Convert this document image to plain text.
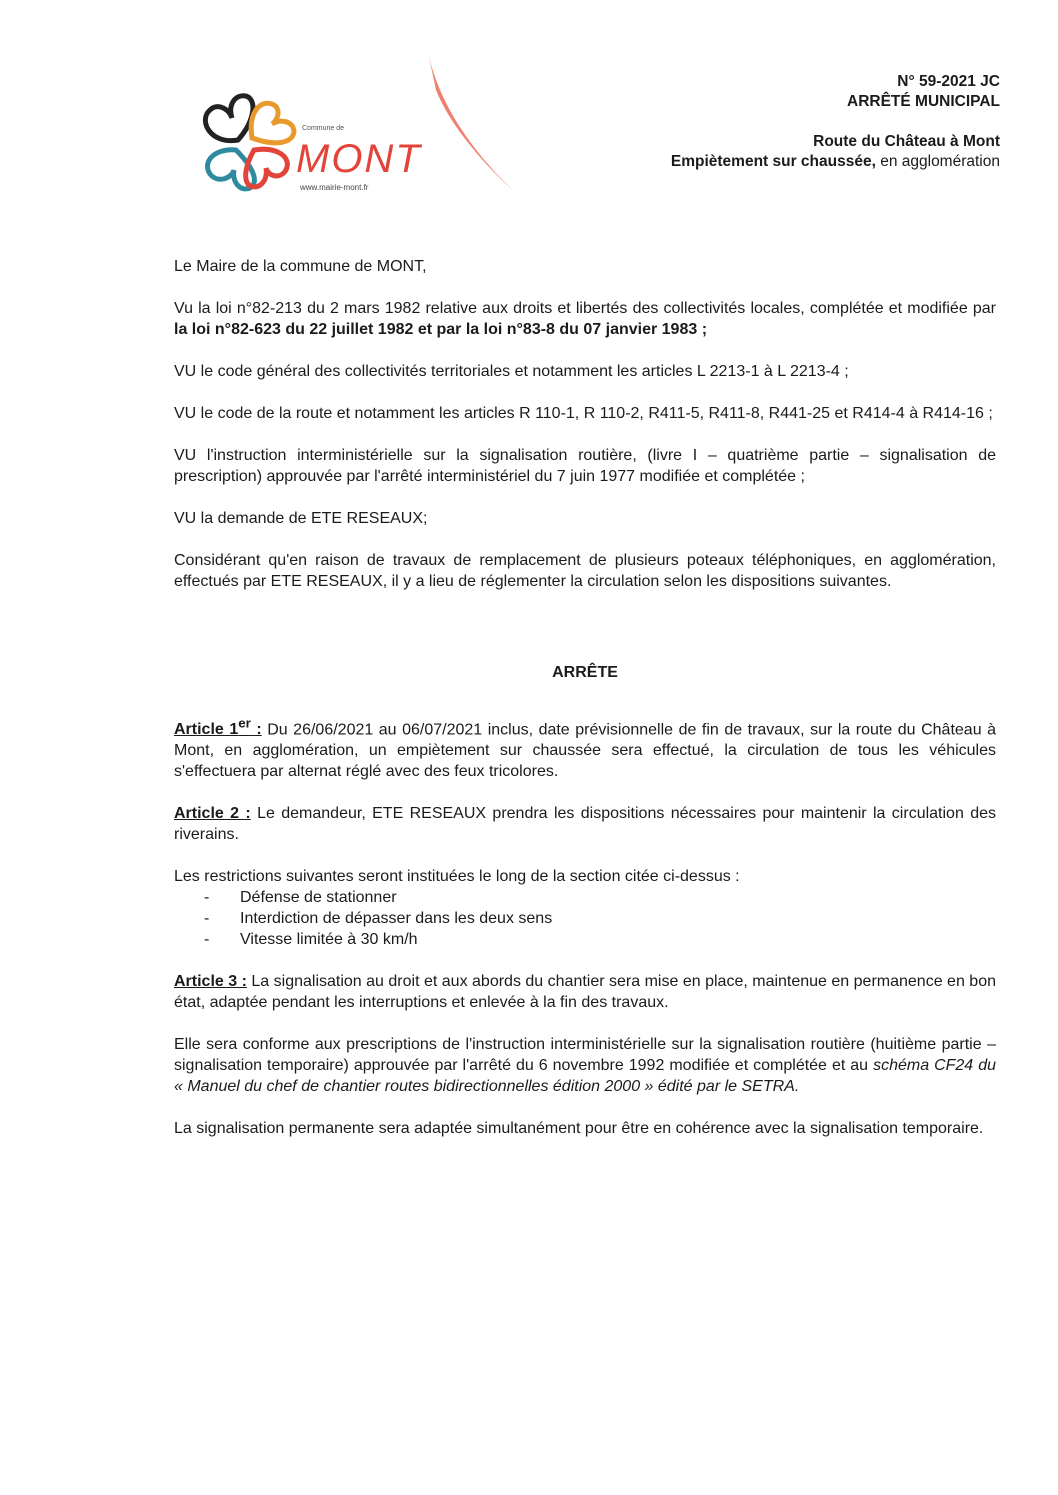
Commune de
MONT
www.mairie-mont.fr
N° 59-2021 JC
ARRÊTÉ MUNICIPAL
Route du Château à Mont
Empiètement sur chaussée, en agglomération

Le Maire de la commune de MONT,

Vu la loi n°82-213 du 2 mars 1982 relative aux droits et libertés des collectivités locales, complétée et modifiée par la loi n°82-623 du 22 juillet 1982 et par la loi n°83-8 du 07 janvier 1983 ;

VU le code général des collectivités territoriales et notamment les articles L 2213-1 à L 2213-4 ;

VU le code de la route et notamment les articles R 110-1, R 110-2, R411-5, R411-8, R441-25 et R414-4 à R414-16 ;

VU l'instruction interministérielle sur la signalisation routière, (livre I – quatrième partie – signalisation de prescription) approuvée par l'arrêté interministériel du 7 juin 1977 modifiée et complétée ;

VU la demande de ETE RESEAUX;

Considérant qu'en raison de travaux de remplacement de plusieurs poteaux téléphoniques, en agglomération, effectués par ETE RESEAUX, il y a lieu de réglementer la circulation selon les dispositions suivantes.

ARRÊTE

Article 1er : Du 26/06/2021 au 06/07/2021 inclus, date prévisionnelle de fin de travaux, sur la route du Château à Mont, en agglomération, un empiètement sur chaussée sera effectué, la circulation de tous les véhicules s'effectuera par alternat réglé avec des feux tricolores.

Article 2 : Le demandeur, ETE RESEAUX prendra les dispositions nécessaires pour maintenir la circulation des riverains.

Les restrictions suivantes seront instituées le long de la section citée ci-dessus :

-	Défense de stationner
-	Interdiction de dépasser dans les deux sens
-	Vitesse limitée à 30 km/h

Article 3 : La signalisation au droit et aux abords du chantier sera mise en place, maintenue en permanence en bon état, adaptée pendant les interruptions et enlevée à la fin des travaux.

Elle sera conforme aux prescriptions de l'instruction interministérielle sur la signalisation routière (huitième partie – signalisation temporaire) approuvée par l'arrêté du 6 novembre 1992 modifiée et complétée et au schéma CF24 du « Manuel du chef de chantier routes bidirectionnelles édition 2000 » édité par le SETRA.

La signalisation permanente sera adaptée simultanément pour être en cohérence avec la signalisation temporaire.
